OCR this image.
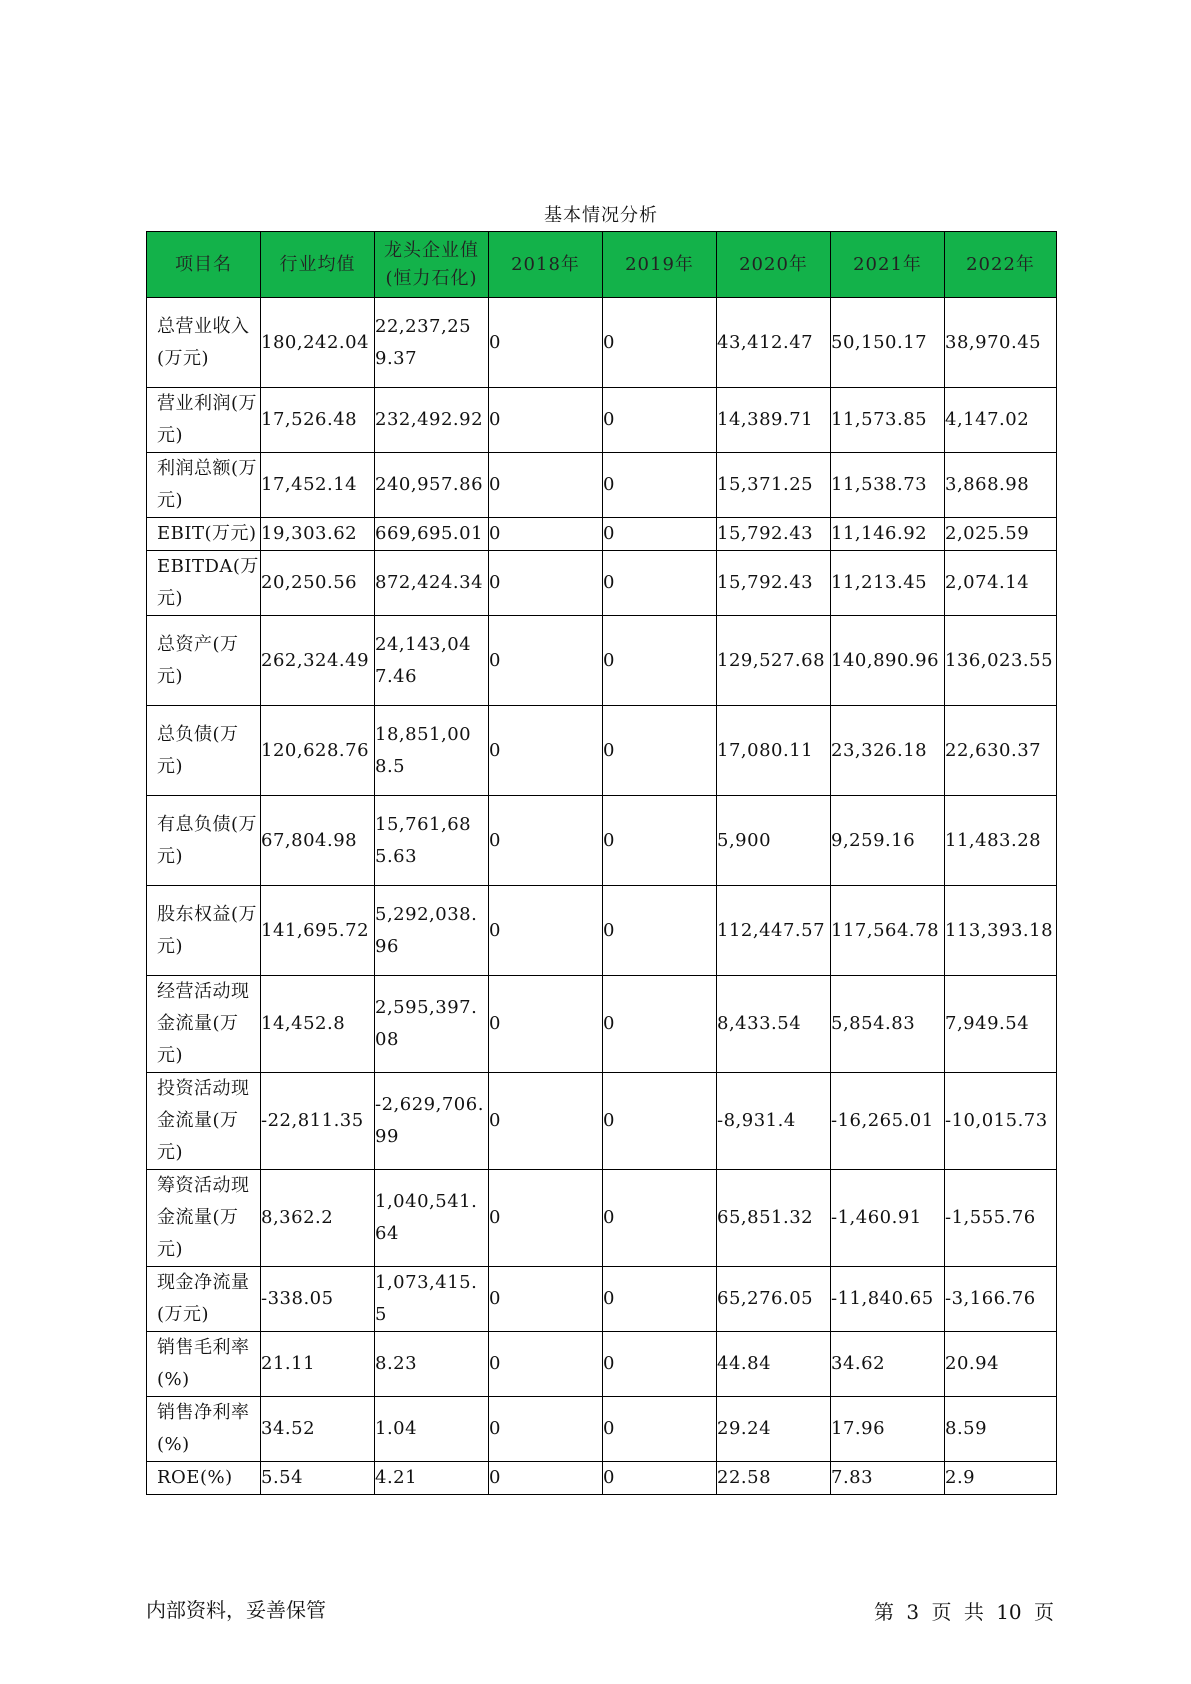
基本情况分析
项目名	行业均值	龙头企业值(恒力石化)	2018年	2019年	2020年	2021年	2022年
总营业收入(万元)	180,242.04	22,237,259.37	0	0	43,412.47	50,150.17	38,970.45
营业利润(万元)	17,526.48	232,492.92	0	0	14,389.71	11,573.85	4,147.02
利润总额(万元)	17,452.14	240,957.86	0	0	15,371.25	11,538.73	3,868.98
EBIT(万元)	19,303.62	669,695.01	0	0	15,792.43	11,146.92	2,025.59
EBITDA(万元)	20,250.56	872,424.34	0	0	15,792.43	11,213.45	2,074.14
总资产(万元)	262,324.49	24,143,047.46	0	0	129,527.68	140,890.96	136,023.55
总负债(万元)	120,628.76	18,851,008.5	0	0	17,080.11	23,326.18	22,630.37
有息负债(万元)	67,804.98	15,761,685.63	0	0	5,900	9,259.16	11,483.28
股东权益(万元)	141,695.72	5,292,038.96	0	0	112,447.57	117,564.78	113,393.18
经营活动现金流量(万元)	14,452.8	2,595,397.08	0	0	8,433.54	5,854.83	7,949.54
投资活动现金流量(万元)	-22,811.35	-2,629,706.99	0	0	-8,931.4	-16,265.01	-10,015.73
筹资活动现金流量(万元)	8,362.2	1,040,541.64	0	0	65,851.32	-1,460.91	-1,555.76
现金净流量(万元)	-338.05	1,073,415.5	0	0	65,276.05	-11,840.65	-3,166.76
销售毛利率(%)	21.11	8.23	0	0	44.84	34.62	20.94
销售净利率(%)	34.52	1.04	0	0	29.24	17.96	8.59
ROE(%)	5.54	4.21	0	0	22.58	7.83	2.9
内部资料，妥善保管	第 3 页 共 10 页
